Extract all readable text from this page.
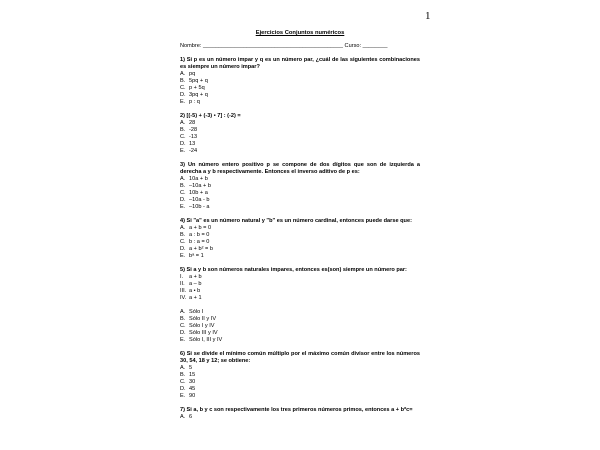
1
Ejercicios Conjuntos numéricos
Nombre: _____________________________________________ Curso: ________
1) Si p es un número impar y q es un número par, ¿cuál de las siguientes combinaciones es siempre un número impar?
A. pq
B. 5pq + q
C. p + 5q
D. 3pq + q
E. p : q
2) [(-5) + (-3) • 7] : (-2) =
A. 28
B. -28
C. -13
D. 13
E. -24
3) Un número entero positivo p se compone de dos dígitos que son de izquierda a derecha a y b respectivamente. Entonces el inverso aditivo de p es:
A. 10a + b
B. –10a + b
C. 10b + a
D. –10a - b
E. –10b - a
4) Si "a" es un número natural y "b" es un número cardinal, entonces puede darse que:
A. a + b = 0
B. a : b = 0
C. b : a = 0
D. a + b² = b
E. bᵃ = 1
5) Si a y b son números naturales impares, entonces es(son) siempre un número par:
I.	a + b
II. a – b
III. a • b
IV. a + 1
A. Sólo I
B. Sólo II y IV
C. Sólo I y IV
D. Sólo III y IV
E. Sólo I, III y IV
6) Si se divide el mínimo común múltiplo por el máximo común divisor entre los números 30, 54, 18 y 12; se obtiene:
A. 5
B. 15
C. 30
D. 45
E. 90
7) Si a, b y c son respectivamente los tres primeros números primos, entonces a + b*c=
A. 6
